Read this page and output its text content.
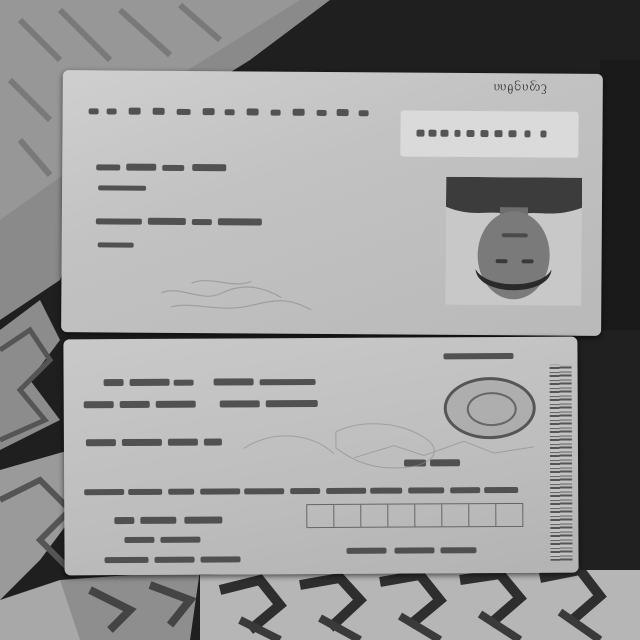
ᦷᦐᦵᦋᦲᦶ
